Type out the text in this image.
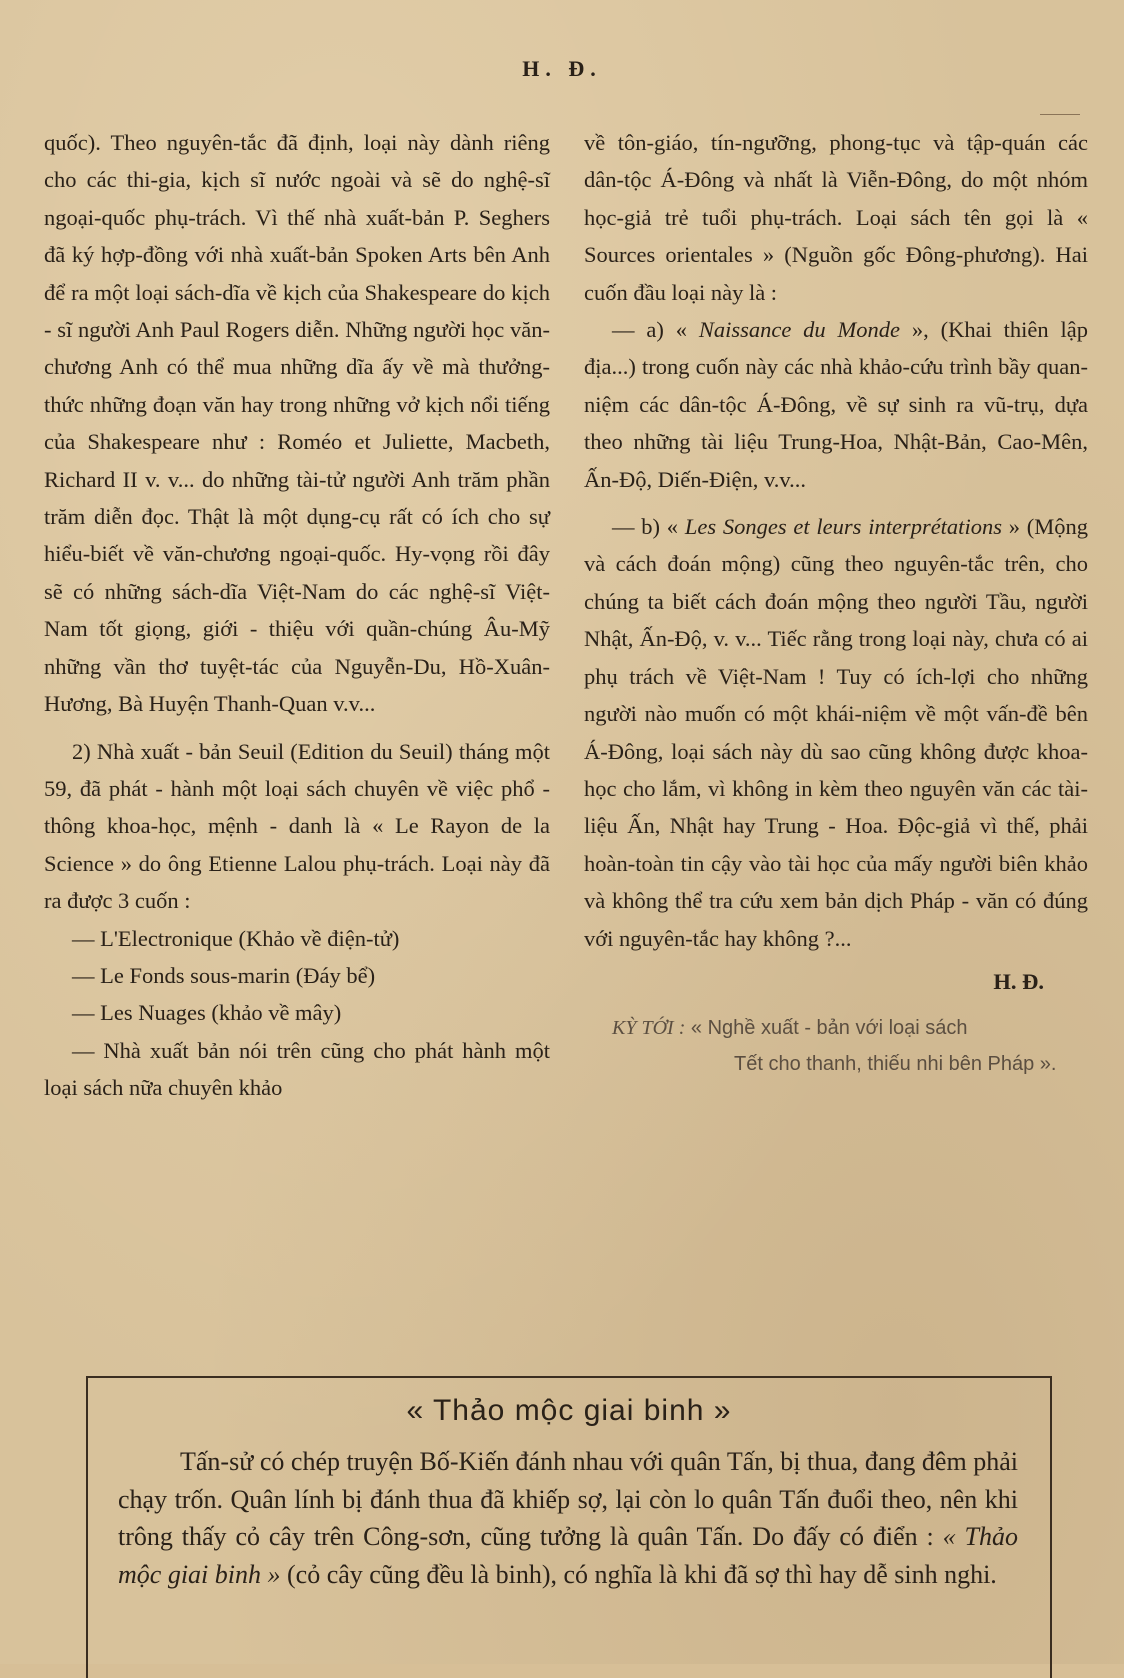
H. Đ.

quốc). Theo nguyên-tắc đã định, loại này dành riêng cho các thi-gia, kịch sĩ nước ngoài và sẽ do nghệ-sĩ ngoại-quốc phụ-trách. Vì thế nhà xuất-bản P. Seghers đã ký hợp-đồng với nhà xuất-bản Spoken Arts bên Anh để ra một loại sách-dĩa về kịch của Shakespeare do kịch - sĩ người Anh Paul Rogers diễn. Những người học văn-chương Anh có thể mua những dĩa ấy về mà thưởng-thức những đoạn văn hay trong những vở kịch nổi tiếng của Shakespeare như : Roméo et Juliette, Macbeth, Richard II v. v... do những tài-tử người Anh trăm phần trăm diễn đọc. Thật là một dụng-cụ rất có ích cho sự hiểu-biết về văn-chương ngoại-quốc. Hy-vọng rồi đây sẽ có những sách-dĩa Việt-Nam do các nghệ-sĩ Việt-Nam tốt giọng, giới - thiệu với quần-chúng Âu-Mỹ những vần thơ tuyệt-tác của Nguyễn-Du, Hồ-Xuân-Hương, Bà Huyện Thanh-Quan v.v...

2) Nhà xuất - bản Seuil (Edition du Seuil) tháng một 59, đã phát - hành một loại sách chuyên về việc phổ - thông khoa-học, mệnh - danh là « Le Rayon de la Science » do ông Etienne Lalou phụ-trách. Loại này đã ra được 3 cuốn :

— L'Electronique (Khảo về điện-tử)

— Le Fonds sous-marin (Đáy bể)

— Les Nuages (khảo về mây)

— Nhà xuất bản nói trên cũng cho phát hành một loại sách nữa chuyên khảo

về tôn-giáo, tín-ngưỡng, phong-tục và tập-quán các dân-tộc Á-Đông và nhất là Viễn-Đông, do một nhóm học-giả trẻ tuổi phụ-trách. Loại sách tên gọi là « Sources orientales » (Nguồn gốc Đông-phương). Hai cuốn đầu loại này là :

— a) « Naissance du Monde », (Khai thiên lập địa...) trong cuốn này các nhà khảo-cứu trình bầy quan-niệm các dân-tộc Á-Đông, về sự sinh ra vũ-trụ, dựa theo những tài liệu Trung-Hoa, Nhật-Bản, Cao-Mên, Ấn-Độ, Diến-Điện, v.v...

— b) « Les Songes et leurs interprétations » (Mộng và cách đoán mộng) cũng theo nguyên-tắc trên, cho chúng ta biết cách đoán mộng theo người Tầu, người Nhật, Ấn-Độ, v. v... Tiếc rằng trong loại này, chưa có ai phụ trách về Việt-Nam ! Tuy có ích-lợi cho những người nào muốn có một khái-niệm về một vấn-đề bên Á-Đông, loại sách này dù sao cũng không được khoa-học cho lắm, vì không in kèm theo nguyên văn các tài-liệu Ấn, Nhật hay Trung - Hoa. Độc-giả vì thế, phải hoàn-toàn tin cậy vào tài học của mấy người biên khảo và không thể tra cứu xem bản dịch Pháp - văn có đúng với nguyên-tắc hay không ?...

H. Đ.

KỲ TỚI : « Nghề xuất - bản với loại sách
Tết cho thanh, thiếu nhi bên Pháp ».

« Thảo mộc giai binh »

Tấn-sử có chép truyện Bố-Kiến đánh nhau với quân Tấn, bị thua, đang đêm phải chạy trốn. Quân lính bị đánh thua đã khiếp sợ, lại còn lo quân Tấn đuổi theo, nên khi trông thấy cỏ cây trên Công-sơn, cũng tưởng là quân Tấn. Do đấy có điển : « Thảo mộc giai binh » (cỏ cây cũng đều là binh), có nghĩa là khi đã sợ thì hay dễ sinh nghi.
